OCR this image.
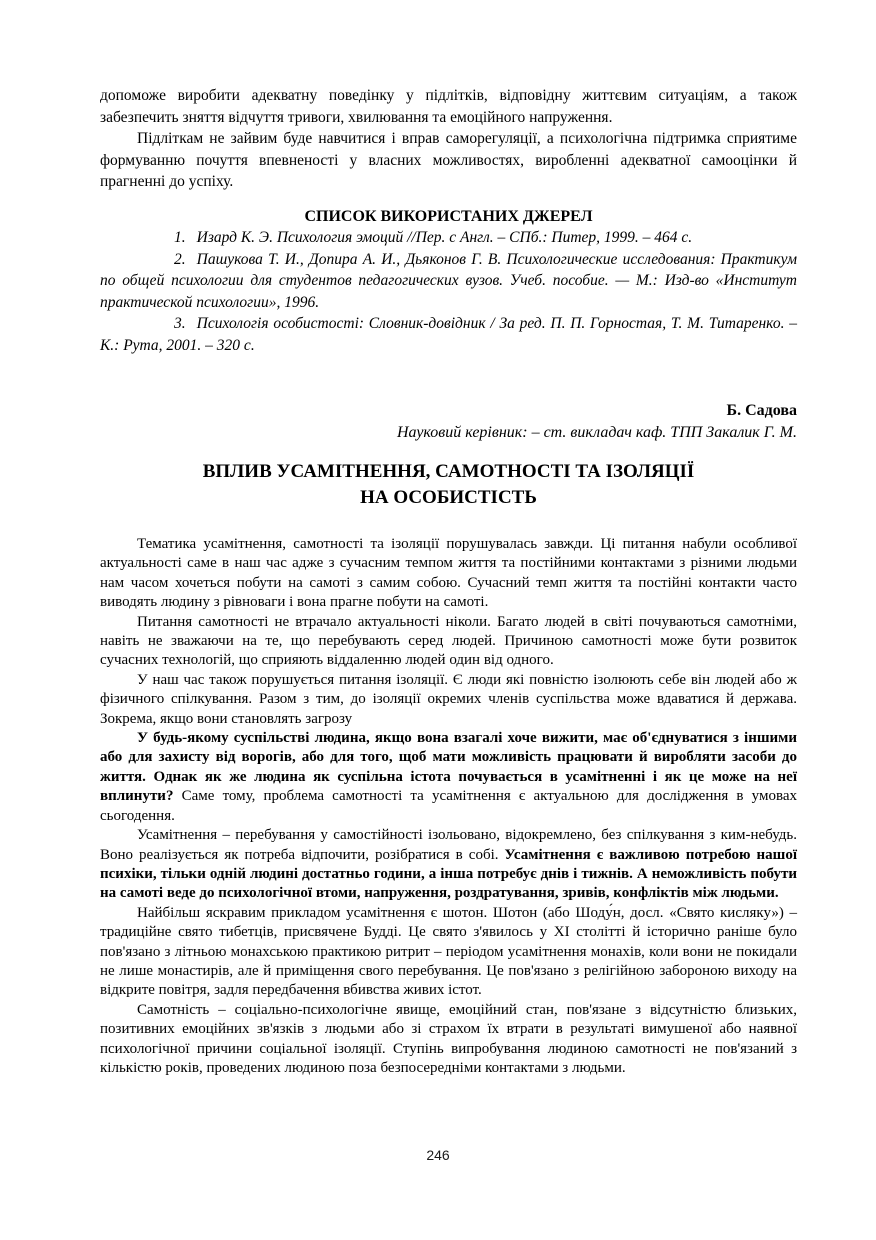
допоможе виробити адекватну поведінку у підлітків, відповідну життєвим ситуаціям, а також забезпечить зняття відчуття тривоги, хвилювання та емоційного напруження.

Підліткам не зайвим буде навчитися і вправ саморегуляції, а психологічна підтримка сприятиме формуванню почуття впевненості у власних можливостях, виробленні адекватної самооцінки й прагненні до успіху.

СПИСОК ВИКОРИСТАНИХ ДЖЕРЕЛ

1. Изард К. Э. Психология эмоций //Пер. с Англ. – СПб.: Питер, 1999. – 464 с.

2. Пашукова Т. И., Допира А. И., Дьяконов Г. В. Психологические исследования: Практикум по общей психологии для студентов педагогических вузов. Учеб. пособие. — М.: Изд-во «Институт практической психологии», 1996.

3. Психологія особистості: Словник-довідник / За ред. П. П. Горностая, Т. М. Титаренко. – К.: Рута, 2001. – 320 с.

Б. Садова

Науковий керівник: – ст. викладач каф. ТПП Закалик Г. М.

ВПЛИВ УСАМІТНЕННЯ, САМОТНОСТІ ТА ІЗОЛЯЦІЇ
НА ОСОБИСТІСТЬ

Тематика усамітнення, самотності та ізоляції порушувалась завжди. Ці питання набули особливої актуальності саме в наш час адже з сучасним темпом життя та постійними контактами з різними людьми нам часом хочеться побути на самоті з самим собою. Сучасний темп життя та постійні контакти часто виводять людину з рівноваги і вона прагне побути на самоті.

Питання самотності не втрачало актуальності ніколи. Багато людей в світі почуваються самотніми, навіть не зважаючи на те, що перебувають серед людей. Причиною самотності може бути розвиток сучасних технологій, що сприяють віддаленню людей один від одного.

У наш час також порушується питання ізоляції. Є люди які повністю ізолюють себе він людей або ж фізичного спілкування. Разом з тим, до ізоляції окремих членів суспільства може вдаватися й держава. Зокрема, якщо вони становлять загрозу

У будь-якому суспільстві людина, якщо вона взагалі хоче вижити, має об'єднуватися з іншими або для захисту від ворогів, або для того, щоб мати можливість працювати й виробляти засоби до життя. Однак як же людина як суспільна істота почувається в усамітненні і як це може на неї вплинути? Саме тому, проблема самотності та усамітнення є актуальною для дослідження в умовах сьогодення.

Усамітнення – перебування у самостійності ізольовано, відокремлено, без спілкування з ким-небудь. Воно реалізується як потреба відпочити, розібратися в собі. Усамітнення є важливою потребою нашої психіки, тільки одній людині достатньо години, а інша потребує днів і тижнів. А неможливість побути на самоті веде до психологічної втоми, напруження, роздратування, зривів, конфліктів між людьми.

Найбільш яскравим прикладом усамітнення є шотон. Шотон (або Шоду́н, досл. «Свято кисляку») – традиційне свято тибетців, присвячене Будді. Це свято з'явилось у XI столітті й історично раніше було пов'язано з літньою монахською практикою ритрит – періодом усамітнення монахів, коли вони не покидали не лише монастирів, але й приміщення свого перебування. Це пов'язано з релігійною забороною виходу на відкрите повітря, задля передбачення вбивства живих істот.

Самотність – соціально-психологічне явище, емоційний стан, пов'язане з відсутністю близьких, позитивних емоційних зв'язків з людьми або зі страхом їх втрати в результаті вимушеної або наявної психологічної причини соціальної ізоляції. Ступінь випробування людиною самотності не пов'язаний з кількістю років, проведених людиною поза безпосередніми контактами з людьми.

246
